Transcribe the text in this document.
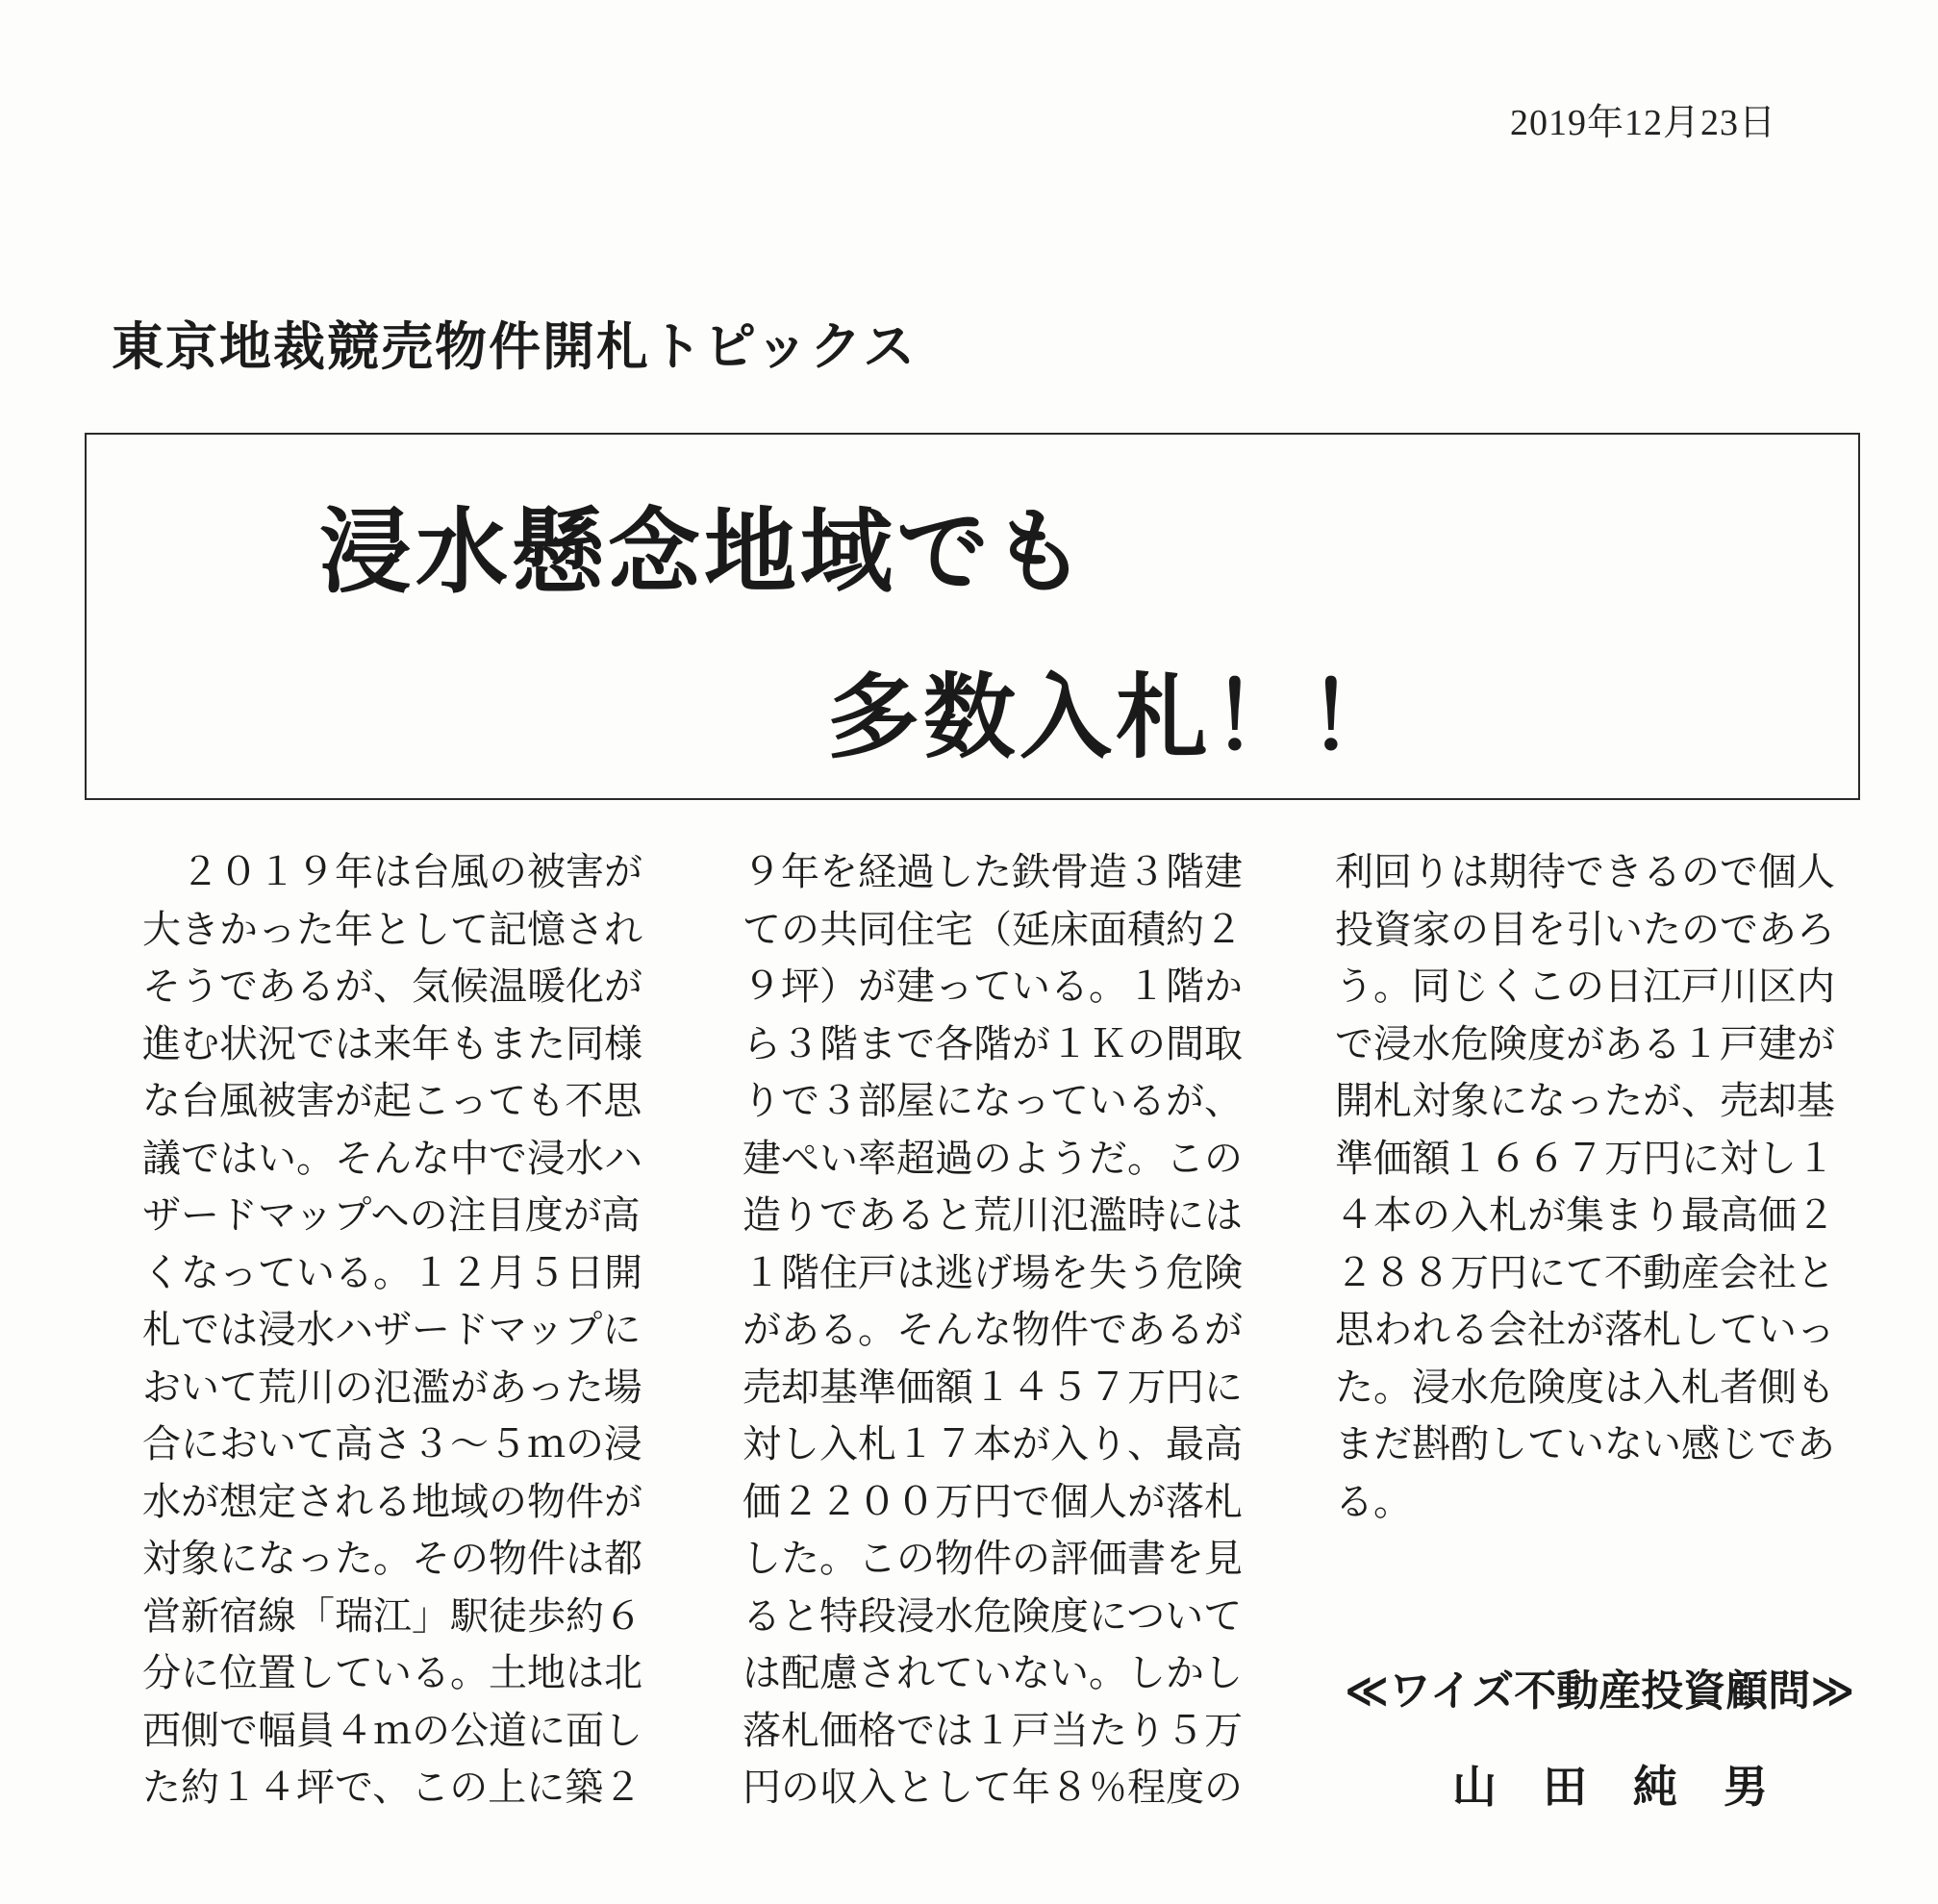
2019年12月23日
東京地裁競売物件開札トピックス
浸水懸念地域でも
多数入札！！
　２０１９年は台風の被害が
大きかった年として記憶され
そうであるが、気候温暖化が
進む状況では来年もまた同様
な台風被害が起こっても不思
議ではい。そんな中で浸水ハ
ザードマップへの注目度が高
くなっている。１２月５日開
札では浸水ハザードマップに
おいて荒川の氾濫があった場
合において高さ３～５ｍの浸
水が想定される地域の物件が
対象になった。その物件は都
営新宿線「瑞江」駅徒歩約６
分に位置している。土地は北
西側で幅員４ｍの公道に面し
た約１４坪で、この上に築２
９年を経過した鉄骨造３階建
ての共同住宅（延床面積約２
９坪）が建っている。１階か
ら３階まで各階が１Ｋの間取
りで３部屋になっているが、
建ぺい率超過のようだ。この
造りであると荒川氾濫時には
１階住戸は逃げ場を失う危険
がある。そんな物件であるが
売却基準価額１４５７万円に
対し入札１７本が入り、最高
価２２００万円で個人が落札
した。この物件の評価書を見
ると特段浸水危険度について
は配慮されていない。しかし
落札価格では１戸当たり５万
円の収入として年８％程度の
利回りは期待できるので個人
投資家の目を引いたのであろ
う。同じくこの日江戸川区内
で浸水危険度がある１戸建が
開札対象になったが、売却基
準価額１６６７万円に対し１
４本の入札が集まり最高価２
２８８万円にて不動産会社と
思われる会社が落札していっ
た。浸水危険度は入札者側も
まだ斟酌していない感じであ
る。
≪ワイズ不動産投資顧問≫
山田純男
